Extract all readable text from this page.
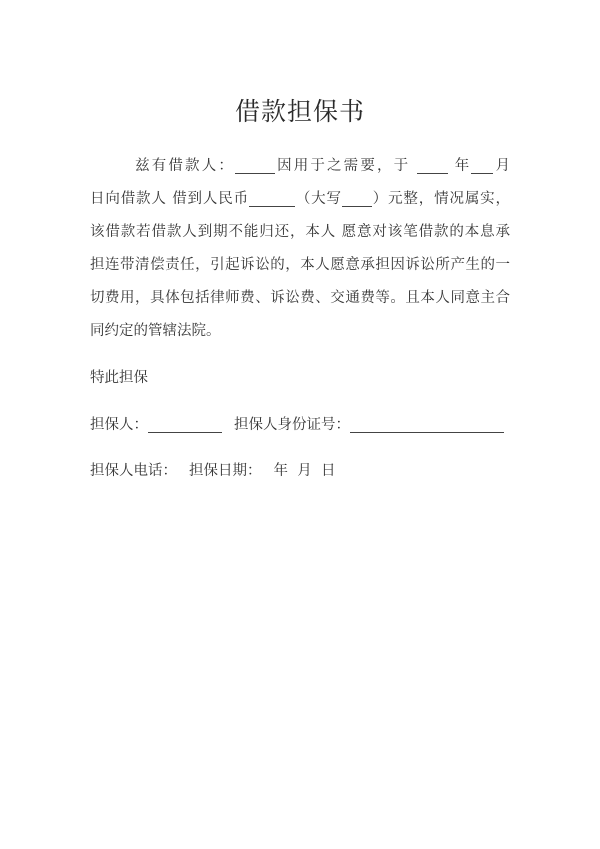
借款担保书
兹有借款人：	因用于之需要，于	年 月
日向借款人 借到人民币	（大写 ）元整，情况属实，
该借款若借款人到期不能归还，本人 愿意对该笔借款的本息承
担连带清偿责任，引起诉讼的，本人愿意承担因诉讼所产生的一
切费用，具体包括律师费、诉讼费、交通费等。且本人同意主合
同约定的管辖法院。
特此担保
担保人：	担保人身份证号：
担保人电话： 担保日期： 年 月 日
